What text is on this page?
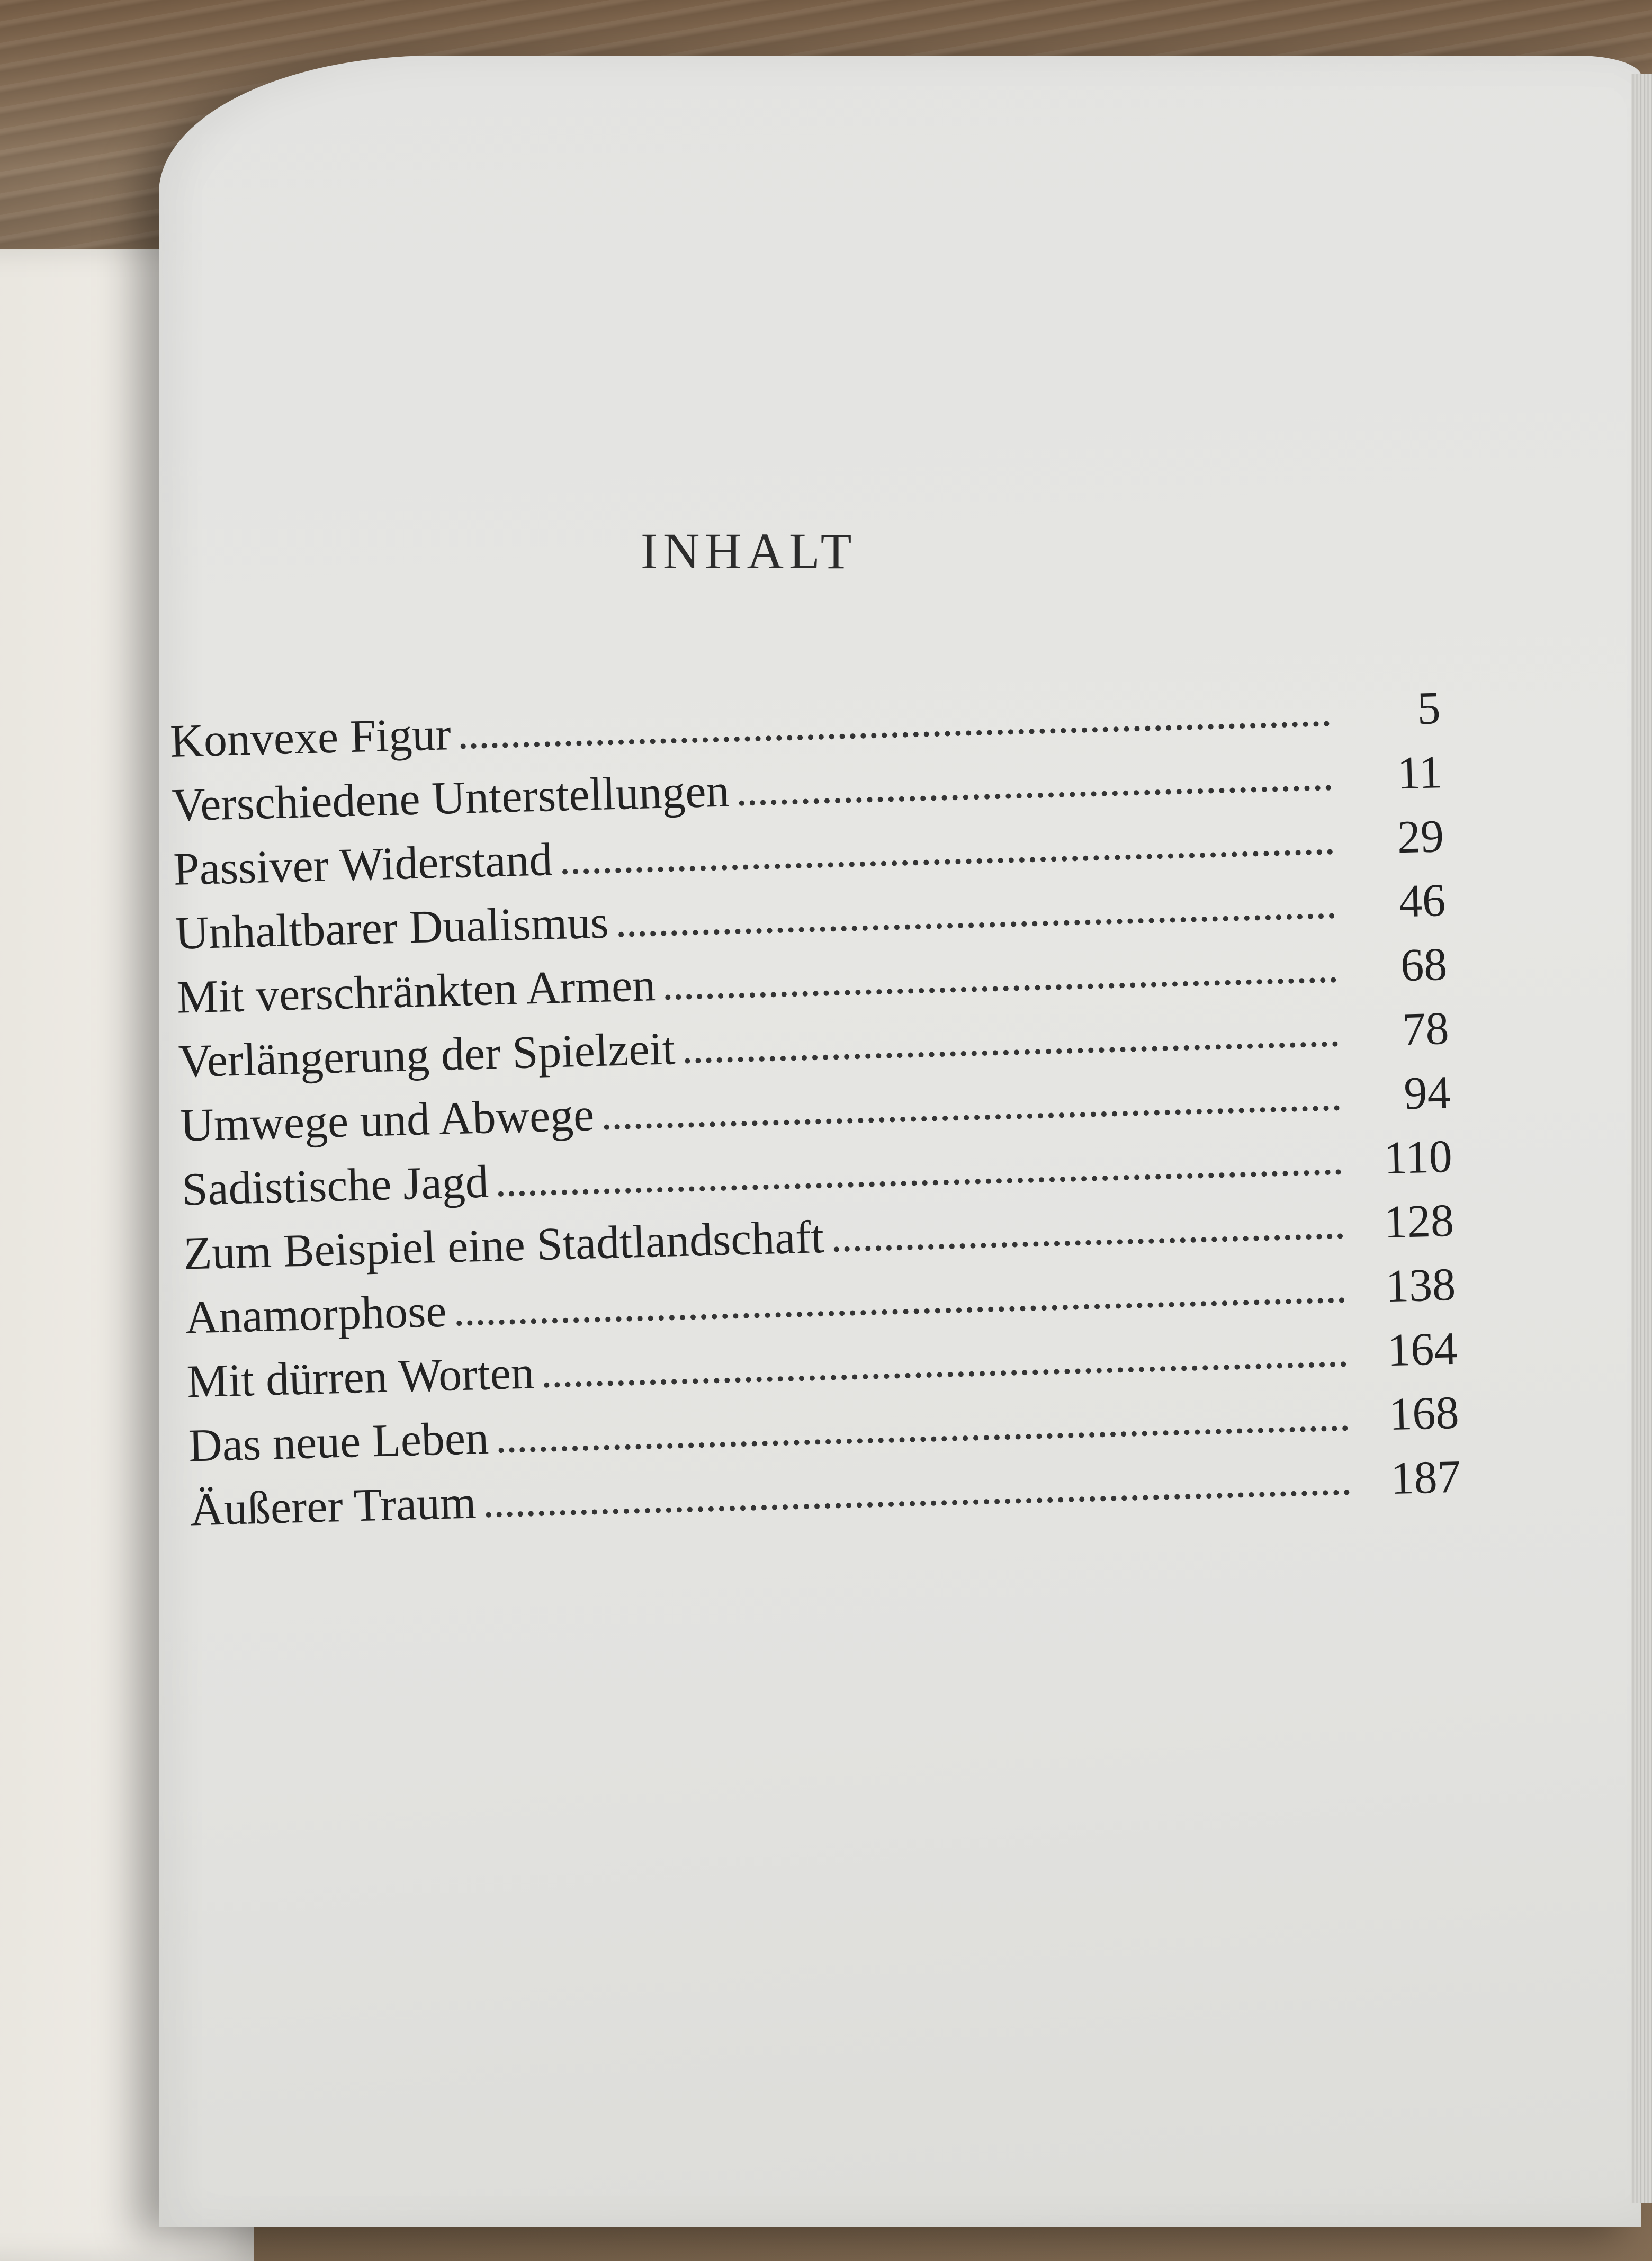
INHALT
Konvexe Figur	5
Verschiedene Unterstellungen	11
Passiver Widerstand	29
Unhaltbarer Dualismus	46
Mit verschränkten Armen	68
Verlängerung der Spielzeit	78
Umwege und Abwege	94
Sadistische Jagd	110
Zum Beispiel eine Stadtlandschaft	128
Anamorphose	138
Mit dürren Worten	164
Das neue Leben	168
Äußerer Traum	187
